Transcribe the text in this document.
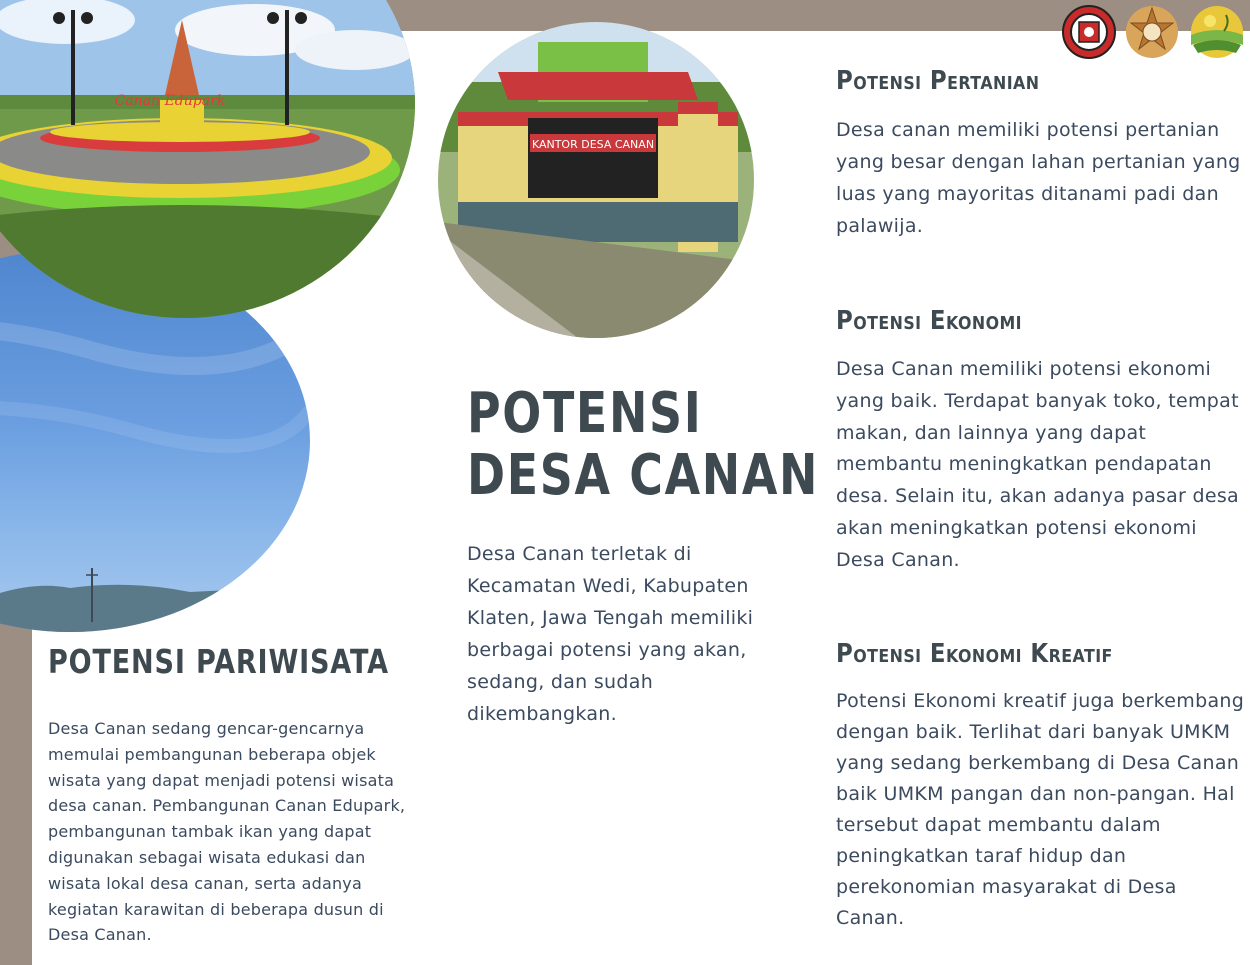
Canan Edupark
KANTOR DESA CANAN
Potensi Pertanian
Desa canan memiliki potensi pertanian yang besar dengan lahan pertanian yang luas yang mayoritas ditanami padi dan palawija.
Potensi Ekonomi
Desa Canan memiliki potensi ekonomi yang baik. Terdapat banyak toko, tempat makan, dan lainnya yang dapat membantu meningkatkan pendapatan desa. Selain itu, akan adanya pasar desa akan meningkatkan potensi ekonomi Desa Canan.
Potensi Ekonomi Kreatif
Potensi Ekonomi kreatif juga berkembang dengan baik. Terlihat dari banyak UMKM yang sedang berkembang di Desa Canan baik UMKM pangan dan non-pangan. Hal tersebut dapat membantu dalam peningkatkan taraf hidup dan perekonomian masyarakat di Desa Canan.
POTENSI
DESA CANAN
Desa Canan terletak di Kecamatan Wedi, Kabupaten Klaten, Jawa Tengah memiliki berbagai potensi yang akan, sedang, dan sudah dikembangkan.
POTENSI PARIWISATA
Desa Canan sedang gencar-gencarnya memulai pembangunan beberapa objek wisata yang dapat menjadi potensi wisata desa canan. Pembangunan Canan Edupark, pembangunan tambak ikan yang dapat digunakan sebagai wisata edukasi dan wisata lokal desa canan, serta adanya kegiatan karawitan di beberapa dusun di Desa Canan.
